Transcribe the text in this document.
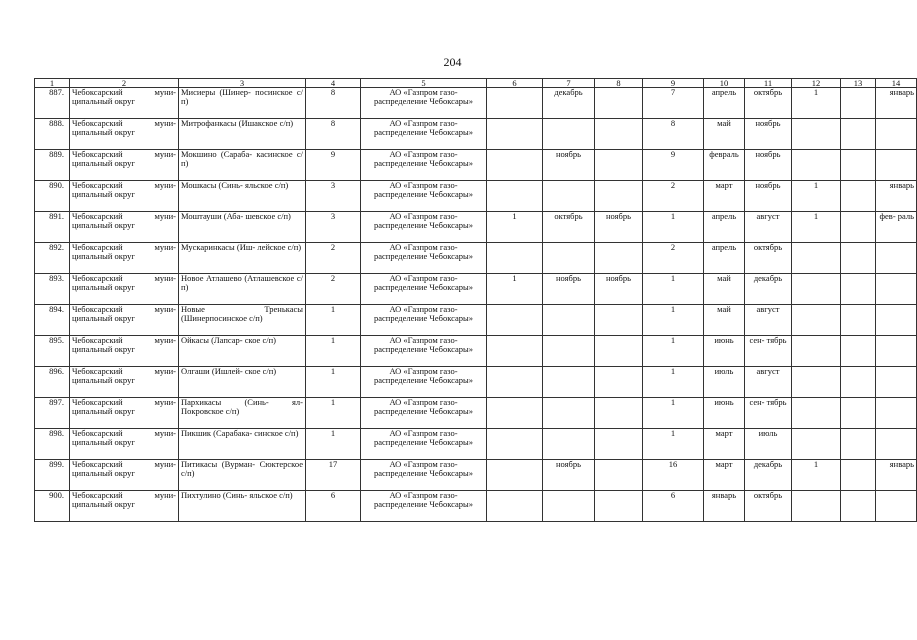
204
1	2	3	4	5	6	7	8	9	10	11	12	13	14
887.	Чебоксарский муни- ципальный округ	Мисиеры (Шинер- посинское с/п)	8	АО «Газпром газо- распределение Чебоксары»		декабрь		7	апрель	октябрь	1		январь
888.	Чебоксарский муни- ципальный округ	Митрофанкасы (Ишакское с/п)	8	АО «Газпром газо- распределение Чебоксары»				8	май	ноябрь			
889.	Чебоксарский муни- ципальный округ	Мокшино (Сараба- касинское с/п)	9	АО «Газпром газо- распределение Чебоксары»		ноябрь		9	февраль	ноябрь			
890.	Чебоксарский муни- ципальный округ	Мошкасы (Синь- яльское с/п)	3	АО «Газпром газо- распределение Чебоксары»				2	март	ноябрь	1		январь
891.	Чебоксарский муни- ципальный округ	Моштауши (Аба- шевское с/п)	3	АО «Газпром газо- распределение Чебоксары»	1	октябрь	ноябрь	1	апрель	август	1		фев- раль
892.	Чебоксарский муни- ципальный округ	Мускаринкасы (Иш- лейское с/п)	2	АО «Газпром газо- распределение Чебоксары»				2	апрель	октябрь			
893.	Чебоксарский муни- ципальный округ	Новое Атлашево (Атлашевское с/п)	2	АО «Газпром газо- распределение Чебоксары»	1	ноябрь	ноябрь	1	май	декабрь			
894.	Чебоксарский муни- ципальный округ	Новые Тренькасы (Шинерпосинское с/п)	1	АО «Газпром газо- распределение Чебоксары»				1	май	август			
895.	Чебоксарский муни- ципальный округ	Ойкасы (Лапсар- ское с/п)	1	АО «Газпром газо- распределение Чебоксары»				1	июнь	сен- тябрь			
896.	Чебоксарский муни- ципальный округ	Олгаши (Ишлей- ское с/п)	1	АО «Газпром газо- распределение Чебоксары»				1	июль	август			
897.	Чебоксарский муни- ципальный округ	Пархикасы (Синь- ял-Покровское с/п)	1	АО «Газпром газо- распределение Чебоксары»				1	июнь	сен- тябрь			
898.	Чебоксарский муни- ципальный округ	Пикшик (Сарабака- синское с/п)	1	АО «Газпром газо- распределение Чебоксары»				1	март	июль			
899.	Чебоксарский муни- ципальный округ	Питикасы (Вурман- Сюктерское с/п)	17	АО «Газпром газо- распределение Чебоксары»		ноябрь		16	март	декабрь	1		январь
900.	Чебоксарский муни- ципальный округ	Пихтулино (Синь- яльское с/п)	6	АО «Газпром газо- распределение Чебоксары»				6	январь	октябрь			
